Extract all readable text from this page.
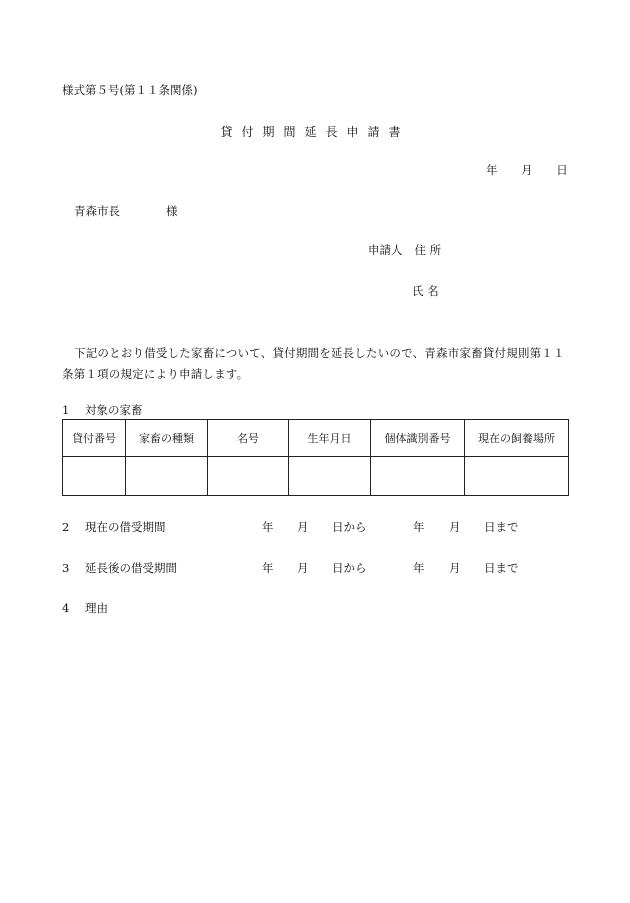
様式第５号(第１１条関係)
貸付期間延長申請書
年 月 日
青森市長	様
申請人 住 所
氏 名
下記のとおり借受した家畜について、貸付期間を延長したいので、青森市家畜貸付規則第１１条第１項の規定により申請します。
1 対象の家畜
貸付番号	家畜の種類	名号	生年月日	個体識別番号	現在の飼養場所

2 現在の借受期間	年 月 日から	年 月 日まで
3 延長後の借受期間	年 月 日から	年 月 日まで
4 理由
